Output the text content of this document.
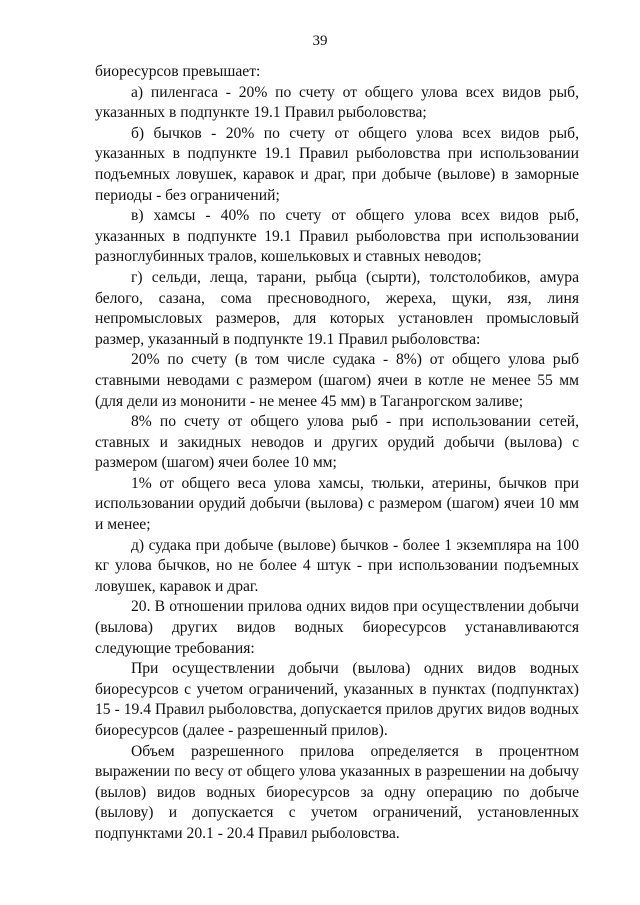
39

биоресурсов превышает:

а) пиленгаса - 20% по счету от общего улова всех видов рыб, указанных в подпункте 19.1 Правил рыболовства;

б) бычков - 20% по счету от общего улова всех видов рыб, указанных в подпункте 19.1 Правил рыболовства при использовании подъемных ловушек, каравок и драг, при добыче (вылове) в заморные периоды - без ограничений;

в) хамсы - 40% по счету от общего улова всех видов рыб, указанных в подпункте 19.1 Правил рыболовства при использовании разноглубинных тралов, кошельковых и ставных неводов;

г) сельди, леща, тарани, рыбца (сырти), толстолобиков, амура белого, сазана, сома пресноводного, жереха, щуки, язя, линя непромысловых размеров, для которых установлен промысловый размер, указанный в подпункте 19.1 Правил рыболовства:

20% по счету (в том числе судака - 8%) от общего улова рыб ставными неводами с размером (шагом) ячеи в котле не менее 55 мм (для дели из мононити - не менее 45 мм) в Таганрогском заливе;

8% по счету от общего улова рыб - при использовании сетей, ставных и закидных неводов и других орудий добычи (вылова) с размером (шагом) ячеи более 10 мм;

1% от общего веса улова хамсы, тюльки, атерины, бычков при использовании орудий добычи (вылова) с размером (шагом) ячеи 10 мм и менее;

д) судака при добыче (вылове) бычков - более 1 экземпляра на 100 кг улова бычков, но не более 4 штук - при использовании подъемных ловушек, каравок и драг.

20. В отношении прилова одних видов при осуществлении добычи (вылова) других видов водных биоресурсов устанавливаются следующие требования:

При осуществлении добычи (вылова) одних видов водных биоресурсов с учетом ограничений, указанных в пунктах (подпунктах) 15 - 19.4 Правил рыболовства, допускается прилов других видов водных биоресурсов (далее - разрешенный прилов).

Объем разрешенного прилова определяется в процентном выражении по весу от общего улова указанных в разрешении на добычу (вылов) видов водных биоресурсов за одну операцию по добыче (вылову) и допускается с учетом ограничений, установленных подпунктами 20.1 - 20.4 Правил рыболовства.
